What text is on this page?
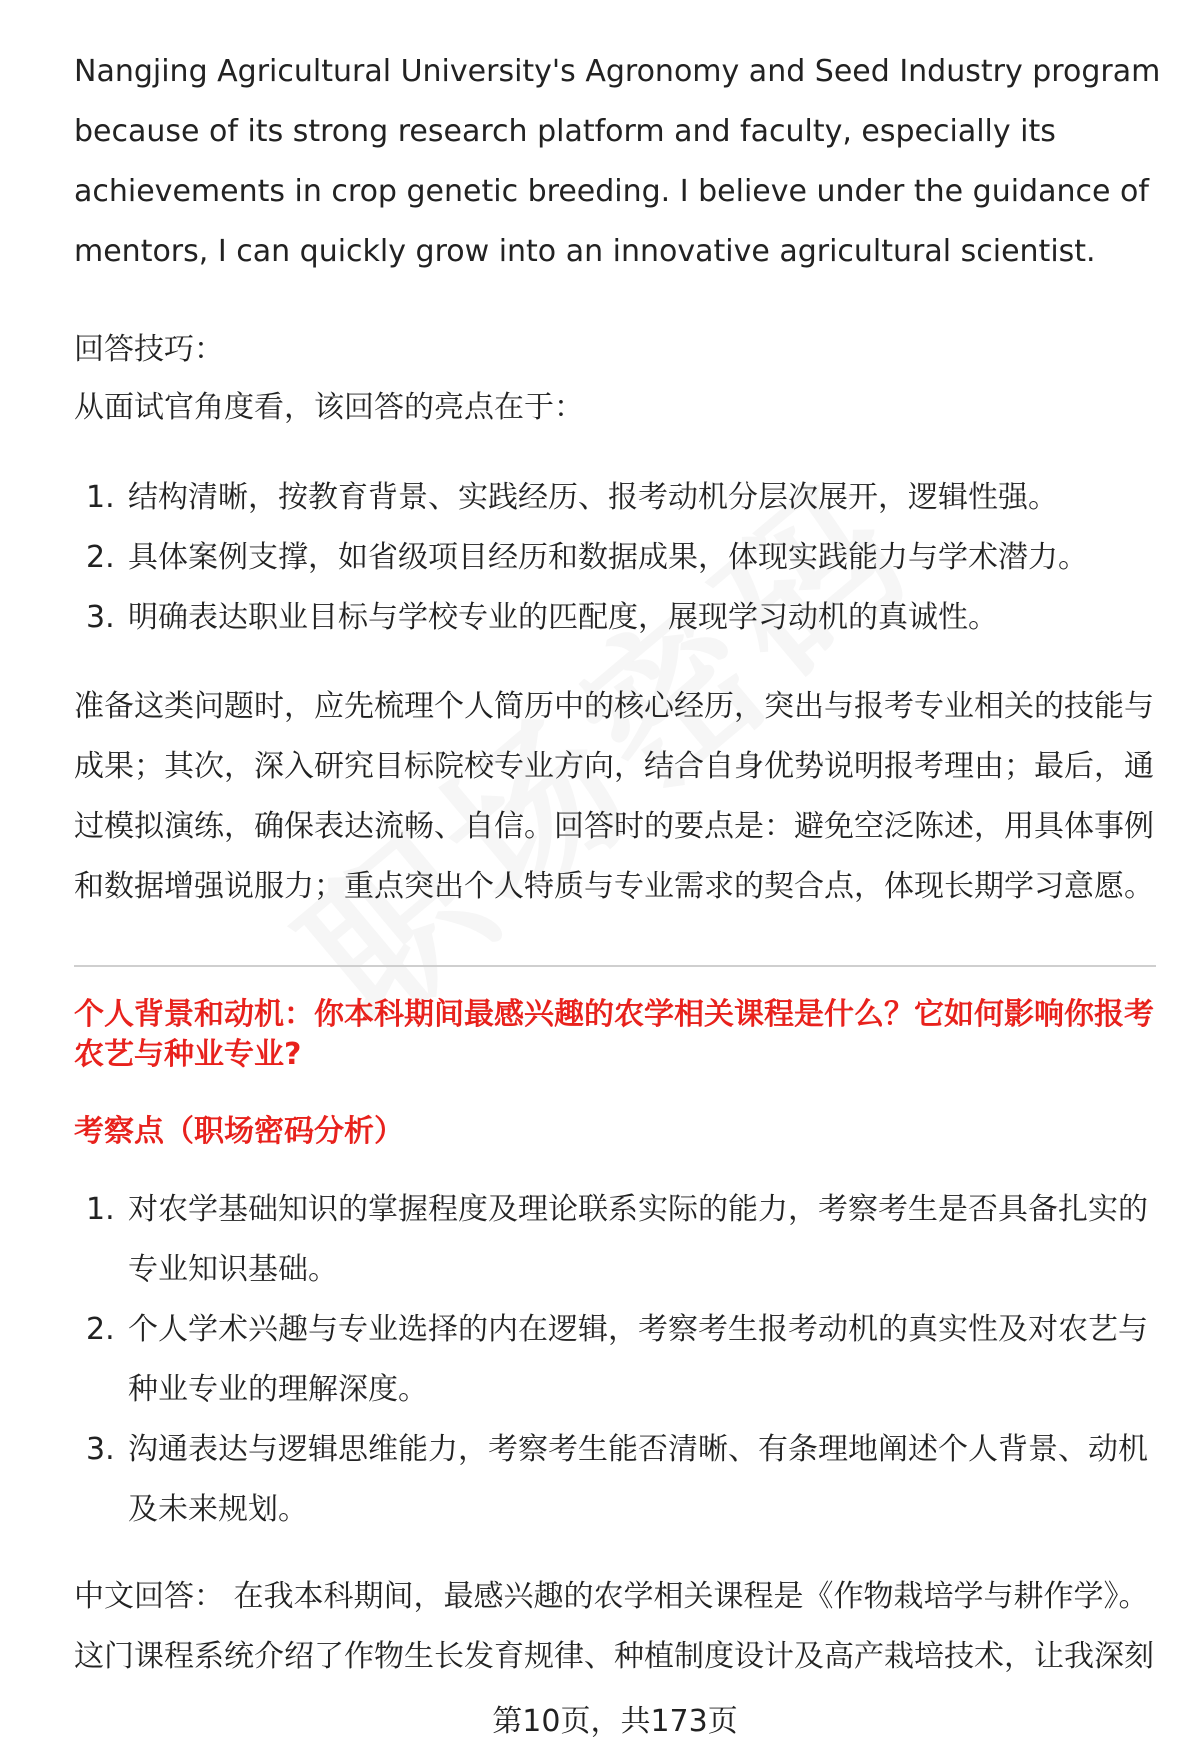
Nangjing Agricultural University's Agronomy and Seed Industry program
because of its strong research platform and faculty, especially its
achievements in crop genetic breeding. I believe under the guidance of
mentors, I can quickly grow into an innovative agricultural scientist.

回答技巧：

从面试官角度看，该回答的亮点在于：

1. 结构清晰，按教育背景、实践经历、报考动机分层次展开，逻辑性强。
2. 具体案例支撑，如省级项目经历和数据成果，体现实践能力与学术潜力。
3. 明确表达职业目标与学校专业的匹配度，展现学习动机的真诚性。

准备这类问题时，应先梳理个人简历中的核心经历，突出与报考专业相关的技能与
成果；其次，深入研究目标院校专业方向，结合自身优势说明报考理由；最后，通
过模拟演练，确保表达流畅、自信。回答时的要点是：避免空泛陈述，用具体事例
和数据增强说服力；重点突出个人特质与专业需求的契合点，体现长期学习意愿。

个人背景和动机：你本科期间最感兴趣的农学相关课程是什么？它如何影响你报考
农艺与种业专业?
考察点（职场密码分析）
1. 对农学基础知识的掌握程度及理论联系实际的能力，考察考生是否具备扎实的
专业知识基础。
2. 个人学术兴趣与专业选择的内在逻辑，考察考生报考动机的真实性及对农艺与
种业专业的理解深度。
3. 沟通表达与逻辑思维能力，考察考生能否清晰、有条理地阐述个人背景、动机
及未来规划。

中文回答： 在我本科期间，最感兴趣的农学相关课程是《作物栽培学与耕作学》。
这门课程系统介绍了作物生长发育规律、种植制度设计及高产栽培技术，让我深刻

第10页，共173页
